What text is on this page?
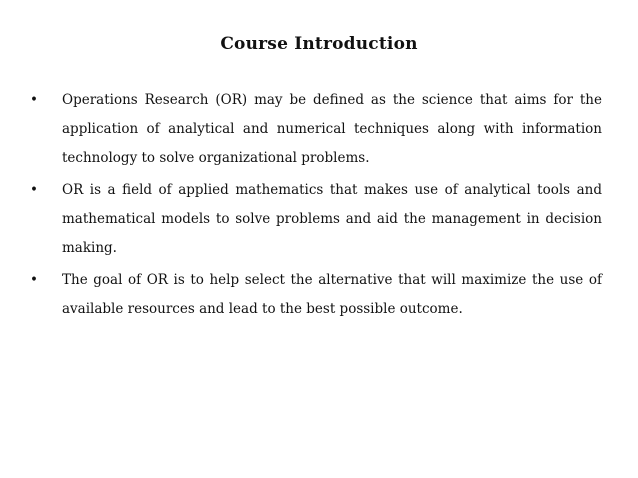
Course Introduction
• Operations Research (OR) may be defined as the science that aims for the application of analytical and numerical techniques along with information technology to solve organizational problems.
• OR is a field of applied mathematics that makes use of analytical tools and mathematical models to solve problems and aid the management in decision making.
• The goal of OR is to help select the alternative that will maximize the use of available resources and lead to the best possible outcome.
